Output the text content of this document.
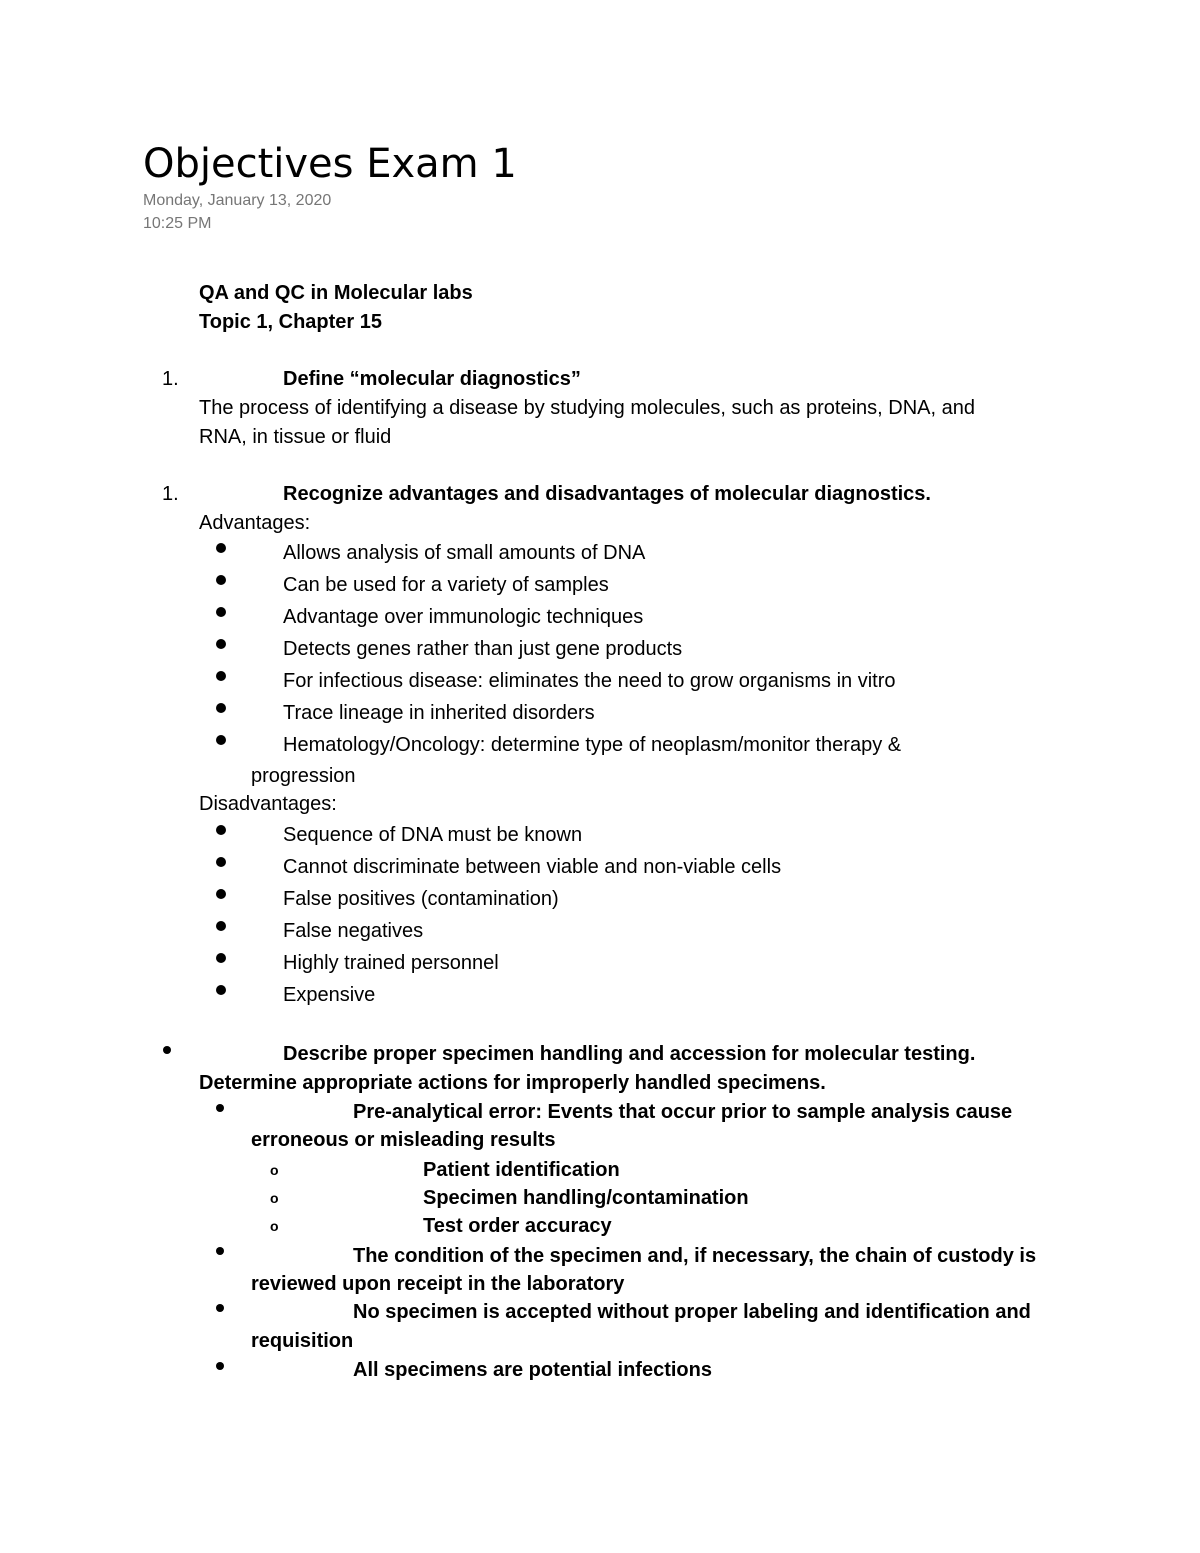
Objectives Exam 1
Monday, January 13, 2020
10:25 PM
QA and QC in Molecular labs
Topic 1, Chapter 15
1.	Define “molecular diagnostics”
The process of identifying a disease by studying molecules, such as proteins, DNA, and
RNA, in tissue or fluid
1.	Recognize advantages and disadvantages of molecular diagnostics.
Advantages:
Allows analysis of small amounts of DNA
Can be used for a variety of samples
Advantage over immunologic techniques
Detects genes rather than just gene products
For infectious disease: eliminates the need to grow organisms in vitro
Trace lineage in inherited disorders
Hematology/Oncology: determine type of neoplasm/monitor therapy &
progression
Disadvantages:
Sequence of DNA must be known
Cannot discriminate between viable and non-viable cells
False positives (contamination)
False negatives
Highly trained personnel
Expensive
Describe proper specimen handling and accession for molecular testing.
Determine appropriate actions for improperly handled specimens.
Pre-analytical error: Events that occur prior to sample analysis cause
erroneous or misleading results
o	Patient identification
o	Specimen handling/contamination
o	Test order accuracy
The condition of the specimen and, if necessary, the chain of custody is
reviewed upon receipt in the laboratory
No specimen is accepted without proper labeling and identification and
requisition
All specimens are potential infections
